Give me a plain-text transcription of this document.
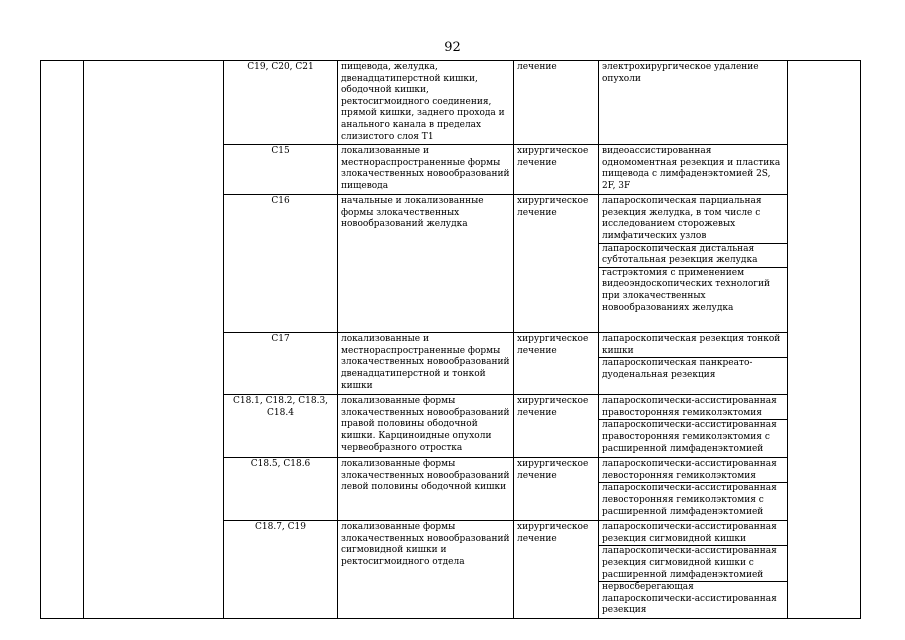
92
		C19, C20, C21	пищевода, желудка, двенадцатиперстной кишки, ободочной кишки, ректосигмоидного соединения, прямой кишки, заднего прохода и анального канала в пределах слизистого слоя T1	лечение	электрохирургическое удаление опухоли	

		C15	локализованные и местнораспространенные формы злокачественных новообразований пищевода	хирургическое лечение	видеоассистированная одномоментная резекция и пластика пищевода с лимфаденэктомией 2S, 2F, 3F	

		C16	начальные и локализованные формы злокачественных новообразований желудка	хирургическое лечение	лапароскопическая парциальная резекция желудка, в том числе с исследованием сторожевых лимфатических узлов
лапароскопическая дистальная субтотальная резекция желудка
гастрэктомия с применением видеоэндоскопических технологий при злокачественных новообразованиях желудка	

		C17	локализованные и местнораспространенные формы злокачественных новообразований двенадцатиперстной и тонкой кишки	хирургическое лечение	лапароскопическая резекция тонкой кишки
лапароскопическая панкреато-дуоденальная резекция	

		C18.1, C18.2, C18.3, C18.4	локализованные формы злокачественных новообразований правой половины ободочной кишки. Карциноидные опухоли червеобразного отростка	хирургическое лечение	лапароскопически-ассистированная правосторонняя гемиколэктомия
лапароскопически-ассистированная правосторонняя гемиколэктомия с расширенной лимфаденэктомией	

		C18.5, C18.6	локализованные формы злокачественных новообразований левой половины ободочной кишки	хирургическое лечение	лапароскопически-ассистированная левосторонняя гемиколэктомия
лапароскопически-ассистированная левосторонняя гемиколэктомия с расширенной лимфаденэктомией	

		C18.7, C19	локализованные формы злокачественных новообразований сигмовидной кишки и ректосигмоидного отдела	хирургическое лечение	лапароскопически-ассистированная резекция сигмовидной кишки
лапароскопически-ассистированная резекция сигмовидной кишки с расширенной лимфаденэктомией
нервосберегающая лапароскопически-ассистированная резекция	
